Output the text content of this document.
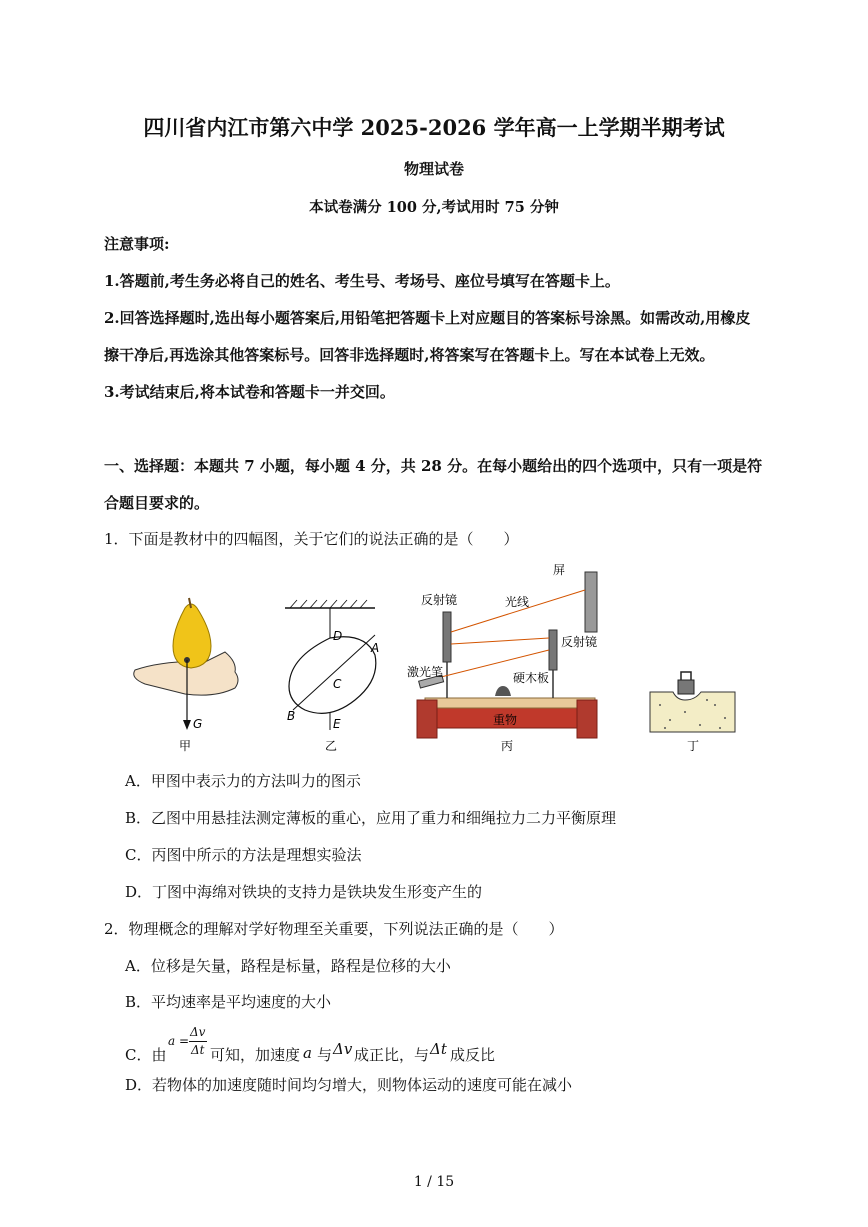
四川省内江市第六中学 2025-2026 学年高一上学期半期考试
物理试卷
本试卷满分 100 分,考试用时 75 分钟
注意事项:
1.答题前,考生务必将自己的姓名、考生号、考场号、座位号填写在答题卡上。
2.回答选择题时,选出每小题答案后,用铅笔把答题卡上对应题目的答案标号涂黑。如需改动,用橡皮
擦干净后,再选涂其他答案标号。回答非选择题时,将答案写在答题卡上。写在本试卷上无效。
3.考试结束后,将本试卷和答题卡一并交回。
一、选择题：本题共 7 小题，每小题 4 分，共 28 分。在每小题给出的四个选项中，只有一项是符
合题目要求的。
1．下面是教材中的四幅图，关于它们的说法正确的是（　　）
G
甲
D
A
C
B
E
乙
反射镜	光线
屏
反射镜
激光笔	硬木板
重物
丙	丁
A．甲图中表示力的方法叫力的图示
B．乙图中用悬挂法测定薄板的重心，应用了重力和细绳拉力二力平衡原理
C．丙图中所示的方法是理想实验法
D．丁图中海绵对铁块的支持力是铁块发生形变产生的
2．物理概念的理解对学好物理至关重要，下列说法正确的是（　　）
A．位移是矢量，路程是标量，路程是位移的大小
B．平均速率是平均速度的大小
C．由
a =
Δv
Δt 可知，加速度 a 与 Δv 成正比，与 Δt 成反比
D．若物体的加速度随时间均匀增大，则物体运动的速度可能在减小
1 / 15
